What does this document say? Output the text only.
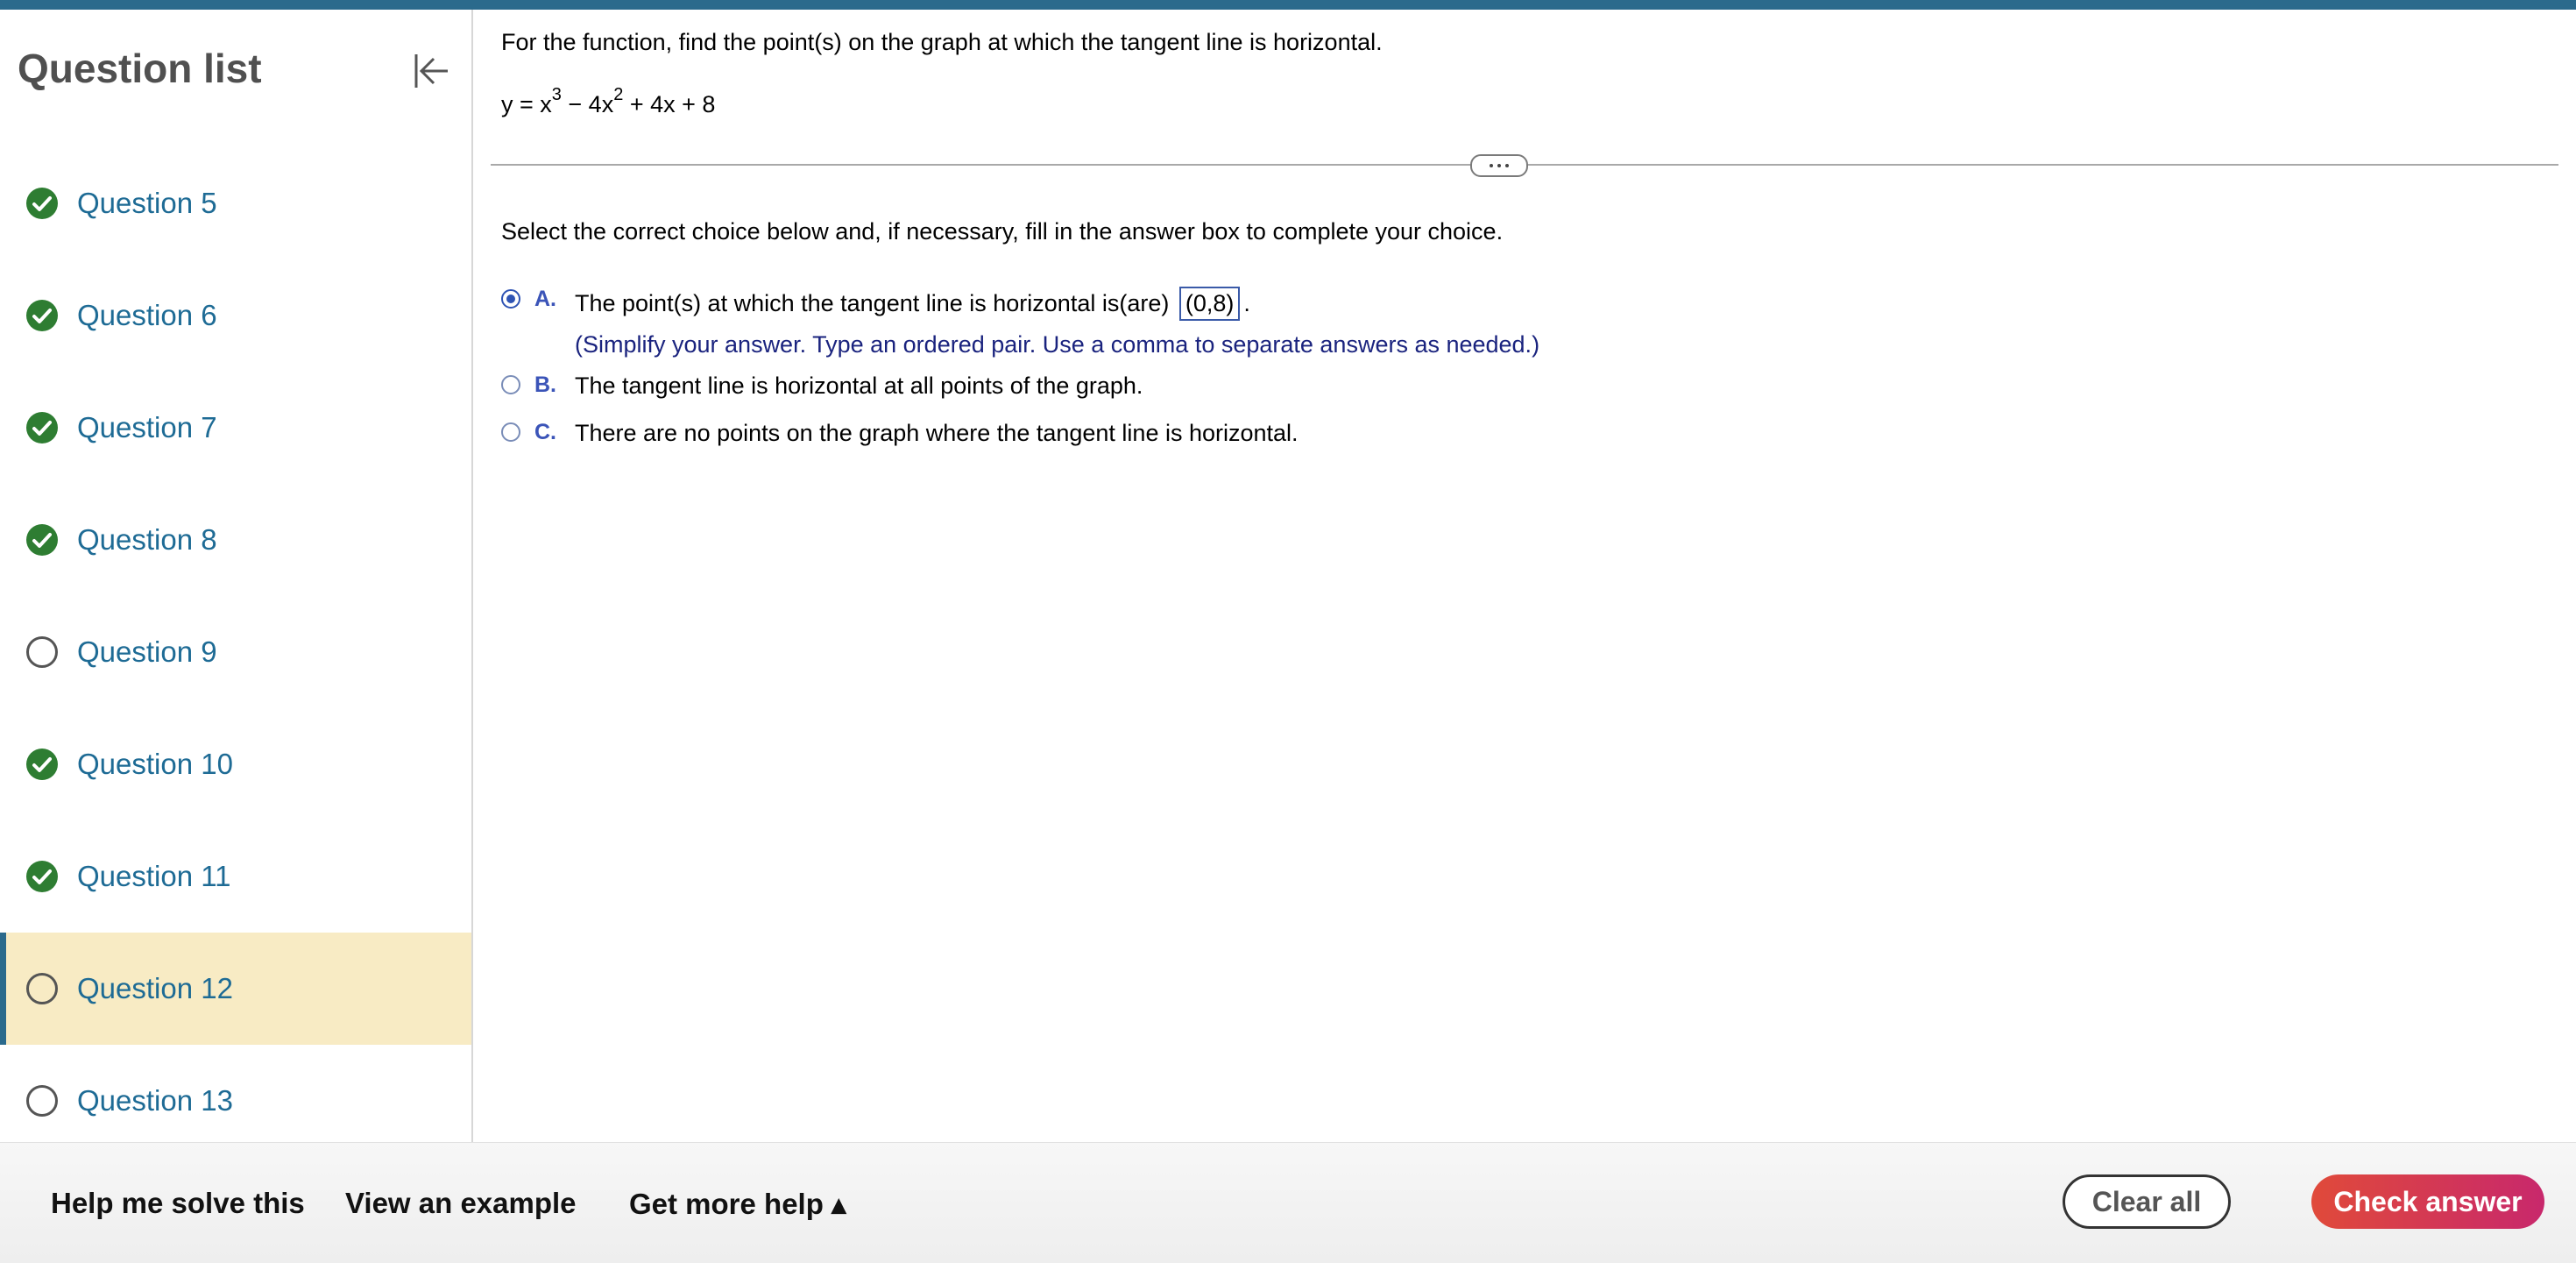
Question list
Question 5
Question 6
Question 7
Question 8
Question 9
Question 10
Question 11
Question 12
Question 13
For the function, find the point(s) on the graph at which the tangent line is horizontal.
$y = x^3 - 4x^2 + 4x + 8$
Select the correct choice below and, if necessary, fill in the answer box to complete your choice.
A. The point(s) at which the tangent line is horizontal is(are) (0,8) .
(Simplify your answer. Type an ordered pair. Use a comma to separate answers as needed.)
B. The tangent line is horizontal at all points of the graph.
C. There are no points on the graph where the tangent line is horizontal.
Help me solve this View an example Get more help ▴	Clear all	Check answer
